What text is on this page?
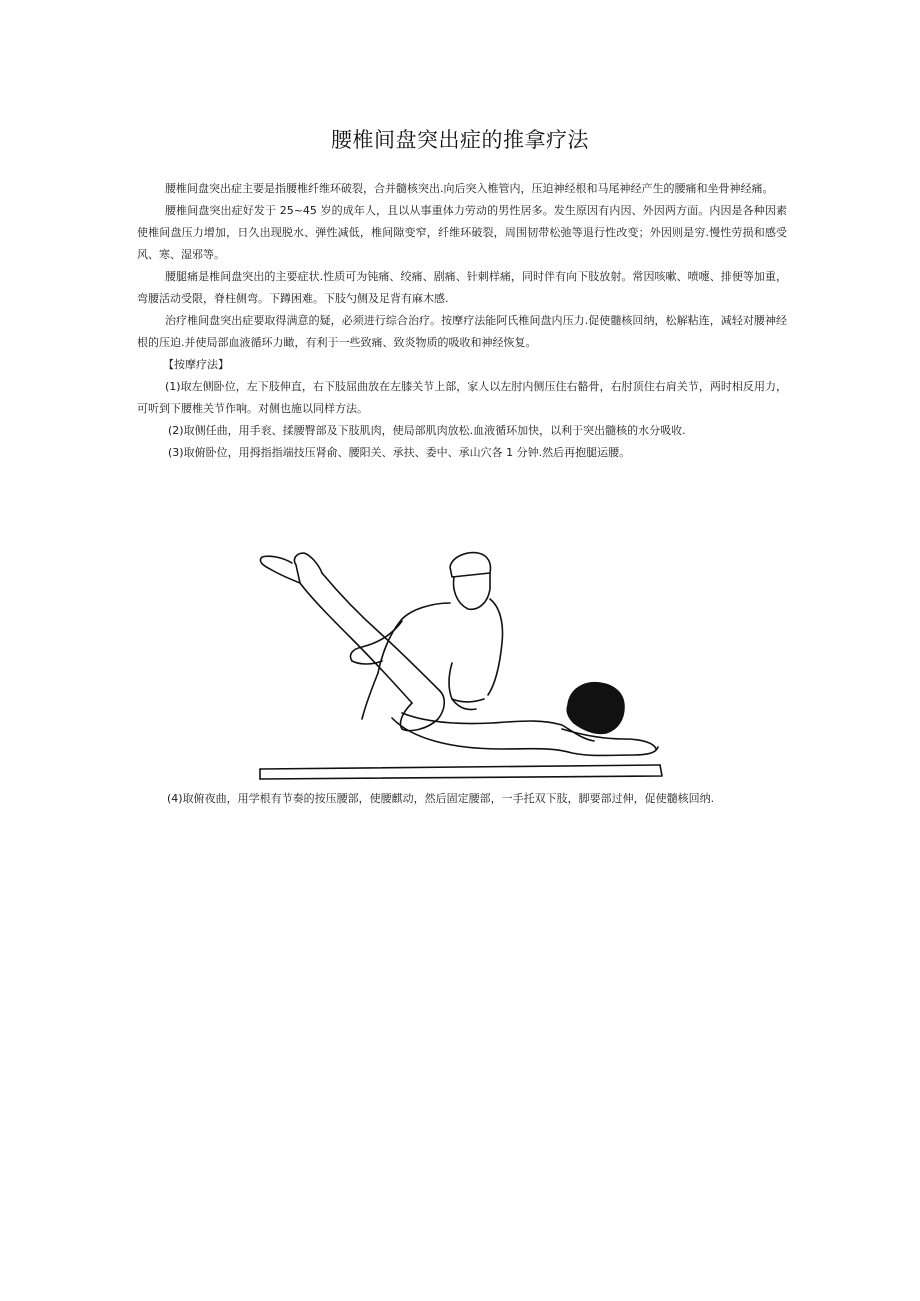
腰椎间盘突出症的推拿疗法

腰椎间盘突出症主要是指腰椎纤维环破裂，合并髓核突出.向后突入椎管内，压迫神经根和马尾神经产生的腰痛和坐骨神经痛。

腰椎间盘突出症好发于 25~45 岁的成年人，且以从事重体力劳动的男性居多。发生原因有内因、外因两方面。内因是各种因素使椎间盘压力增加，日久出现脱水、弹性减低，椎间隙变窄，纤维环破裂，周围韧带松弛等退行性改变；外因则是穷.慢性劳损和感受风、寒、湿邪等。

腰腿痛是椎间盘突出的主要症状.性质可为钝痛、绞痛、剧痛、针刺样痛，同时伴有向下肢放射。常因咳嗽、喷嚏、排便等加重，弯腰活动受限，脊柱侧弯。下蹲困难。下肢勺侧及足背有麻木感.

治疗椎间盘突出症要取得满意的疑，必须进行综合治疗。按摩疗法能阿氏椎间盘内压力.促使髓核回纳，松解粘连，减轻对腰神经根的压迫.并使局部血液循环力瞰，有利于一些致痛、致炎物质的吸收和神经恢复。

【按摩疗法】

(1)取左侧卧位，左下肢伸直，右下肢屈曲放在左膝关节上部，家人以左肘内侧压住右骼骨，右肘顶住右肩关节，两时相反用力，可听到下腰椎关节作响。对侧也施以同样方法。

(2)取侧任曲，用手衮、揉腰臀部及下肢肌肉，使局部肌肉放松.血液循环加快，以利于突出髓核的水分吸收.

(3)取俯卧位，用拇指指端技压肾俞、腰阳关、承扶、委中、承山穴各 1 分钟.然后再抱腿运腰。

(4)取俯夜曲，用学根有节奏的按压腰部，使腰麒动，然后固定腰部，一手托双下肢，脚要部过伸，促使髓核回纳.
